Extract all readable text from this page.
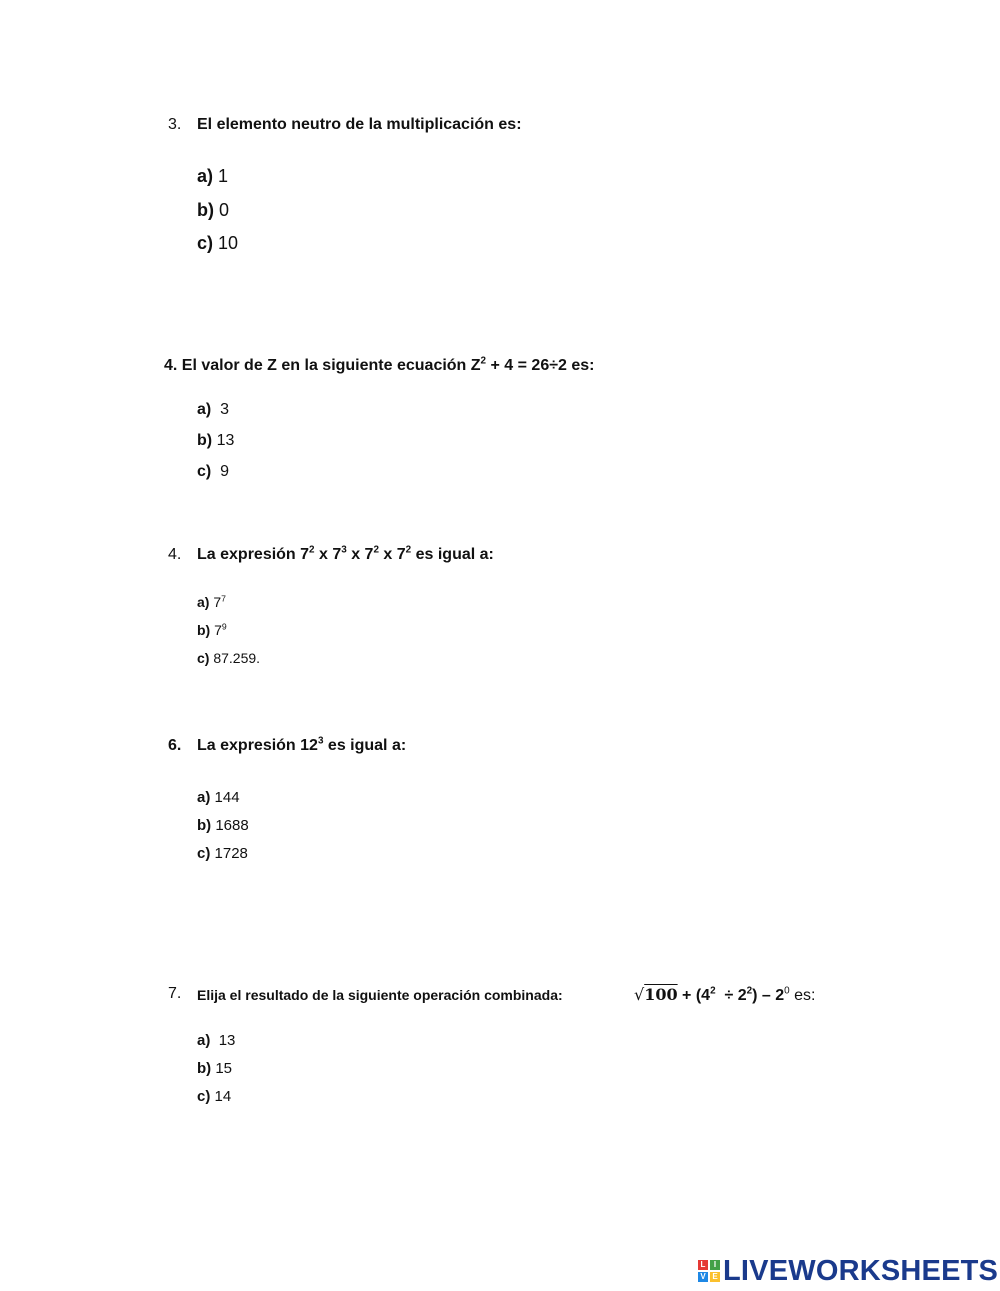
3. El elemento neutro de la multiplicación es:
a) 1
b) 0
c) 10
4. El valor de Z en la siguiente ecuación $Z^2 + 4 = 26\div 2$ es:
a) 3
b) 13
c) 9
4. La expresión $7^2$ x $7^3$ x $7^2$ x $7^2$ es igual a:
a) $7^7$
b) $7^9$
c) 87.259.
6. La expresión $12^3$ es igual a:
a) 144
b) 1688
c) 1728
7. Elija el resultado de la siguiente operación combinada:	$√100 + (4^2 \div 2^2) - 2^0$ es:
a) 13
b) 15
c) 14
L	I
V E LIVEWORKSHEETS
